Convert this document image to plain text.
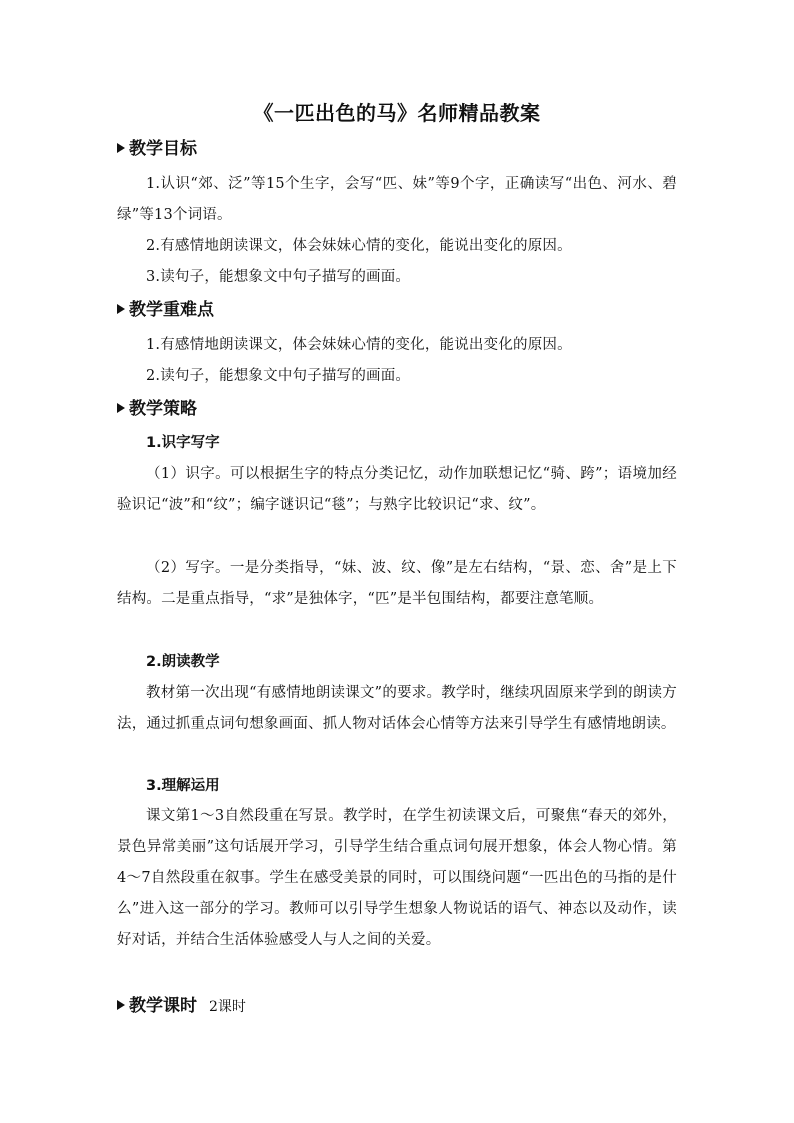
《一匹出色的马》名师精品教案
教学目标
1.认识“郊、泛”等15个生字，会写“匹、妹”等9个字，正确读写“出色、河水、碧绿”等13个词语。
2.有感情地朗读课文，体会妹妹心情的变化，能说出变化的原因。
3.读句子，能想象文中句子描写的画面。
教学重难点
1.有感情地朗读课文，体会妹妹心情的变化，能说出变化的原因。
2.读句子，能想象文中句子描写的画面。
教学策略
1.识字写字
（1）识字。可以根据生字的特点分类记忆，动作加联想记忆“骑、跨”；语境加经验识记“波”和“纹”；编字谜识记“毯”；与熟字比较识记“求、纹”。
（2）写字。一是分类指导，“妹、波、纹、像”是左右结构，“景、恋、舍”是上下结构。二是重点指导，“求”是独体字，“匹”是半包围结构，都要注意笔顺。
2.朗读教学
教材第一次出现“有感情地朗读课文”的要求。教学时，继续巩固原来学到的朗读方法，通过抓重点词句想象画面、抓人物对话体会心情等方法来引导学生有感情地朗读。
3.理解运用
课文第1～3自然段重在写景。教学时，在学生初读课文后，可聚焦“春天的郊外，景色异常美丽”这句话展开学习，引导学生结合重点词句展开想象，体会人物心情。第4～7自然段重在叙事。学生在感受美景的同时，可以围绕问题“一匹出色的马指的是什么”进入这一部分的学习。教师可以引导学生想象人物说话的语气、神态以及动作，读好对话，并结合生活体验感受人与人之间的关爱。
教学课时 2课时
